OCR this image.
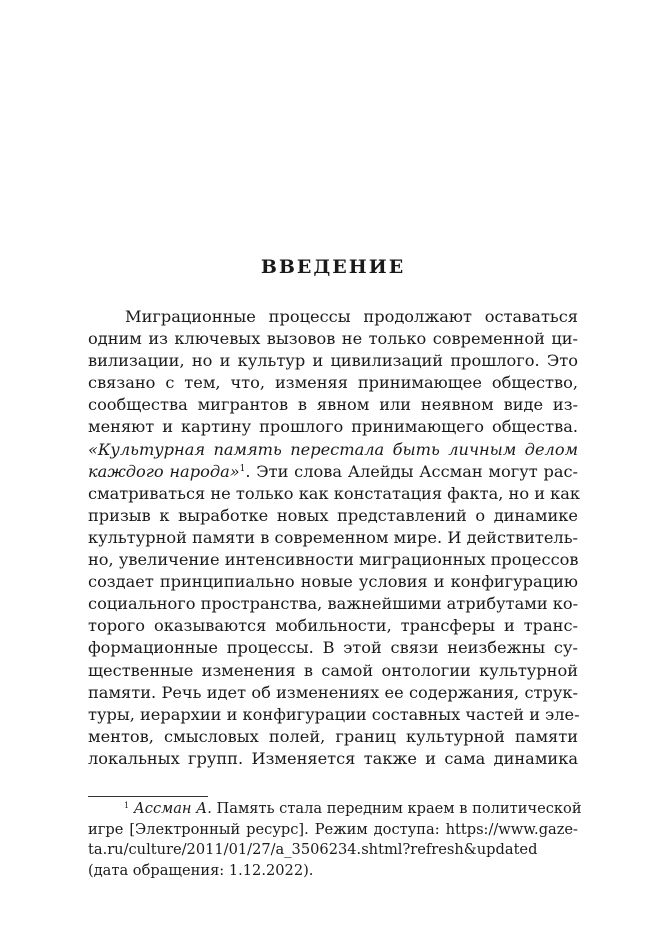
ВВЕДЕНИЕ
Миграционные процессы продолжают оставаться
одним из ключевых вызовов не только современной ци-
вилизации, но и культур и цивилизаций прошлого. Это
связано с тем, что, изменяя принимающее общество,
сообщества мигрантов в явном или неявном виде из-
меняют и картину прошлого принимающего общества.
«Культурная память перестала быть личным делом
каждого народа»$^1$. Эти слова Алейды Ассман могут рас-
сматриваться не только как констатация факта, но и как
призыв к выработке новых представлений о динамике
культурной памяти в современном мире. И действитель-
но, увеличение интенсивности миграционных процессов
создает принципиально новые условия и конфигурацию
социального пространства, важнейшими атрибутами ко-
торого оказываются мобильности, трансферы и транс-
формационные процессы. В этой связи неизбежны су-
щественные изменения в самой онтологии культурной
памяти. Речь идет об изменениях ее содержания, струк-
туры, иерархии и конфигурации составных частей и эле-
ментов, смысловых полей, границ культурной памяти
локальных групп. Изменяется также и сама динамика
$^1$ Ассман А. Память стала передним краем в политической
игре [Электронный ресурс]. Режим доступа: https://www.gaze-
ta.ru/culture/2011/01/27/a_3506234.shtml?refresh&updated
(дата обращения: 1.12.2022).
